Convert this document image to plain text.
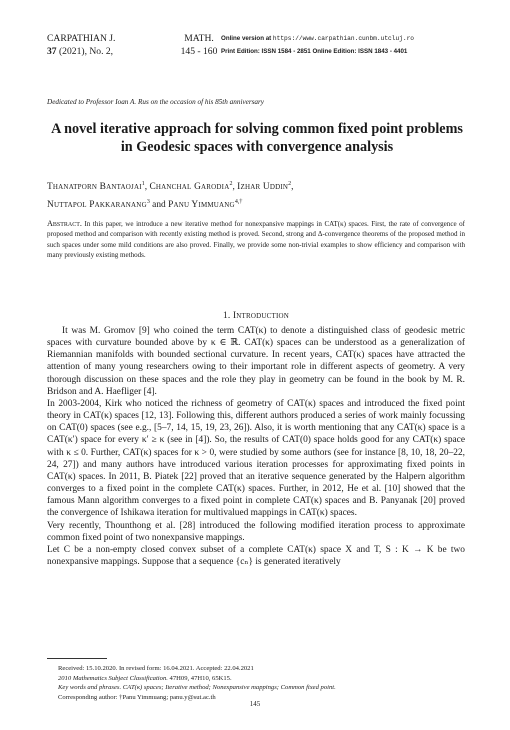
CARPATHIAN J.
37 (2021), No. 2,
MATH.
145 - 160
Online version at https://www.carpathian.cunbm.utcluj.ro
Print Edition: ISSN 1584 - 2851 Online Edition: ISSN 1843 - 4401
Dedicated to Professor Ioan A. Rus on the occasion of his 85th anniversary
A novel iterative approach for solving common fixed point problems in Geodesic spaces with convergence analysis
Thanatporn Bantaojai$^1$, Chanchal Garodia$^2$, Izhar Uddin$^2$,
Nuttapol Pakkaranang$^3$ and Panu Yimmuang$^{4,\dagger}$
Abstract. In this paper, we introduce a new iterative method for nonexpansive mappings in CAT(κ) spaces. First, the rate of convergence of proposed method and comparison with recently existing method is proved. Second, strong and Δ-convergence theorems of the proposed method in such spaces under some mild conditions are also proved. Finally, we provide some non-trivial examples to show efficiency and comparison with many previously existing methods.
1. Introduction

It was M. Gromov [9] who coined the term CAT(κ) to denote a distinguished class of geodesic metric spaces with curvature bounded above by κ ∈ ℝ. CAT(κ) spaces can be understood as a generalization of Riemannian manifolds with bounded sectional curvature. In recent years, CAT(κ) spaces have attracted the attention of many young researchers owing to their important role in different aspects of geometry. A very thorough discussion on these spaces and the role they play in geometry can be found in the book by M. R. Bridson and A. Haefliger [4].

In 2003-2004, Kirk who noticed the richness of geometry of CAT(κ) spaces and introduced the fixed point theory in CAT(κ) spaces [12, 13]. Following this, different authors produced a series of work mainly focussing on CAT(0) spaces (see e.g., [5–7, 14, 15, 19, 23, 26]). Also, it is worth mentioning that any CAT(κ) space is a CAT(κ′) space for every κ′ ≥ κ (see in [4]). So, the results of CAT(0) space holds good for any CAT(κ) space with κ ≤ 0. Further, CAT(κ) spaces for κ > 0, were studied by some authors (see for instance [8, 10, 18, 20–22, 24, 27]) and many authors have introduced various iteration processes for approximating fixed points in CAT(κ) spaces. In 2011, B. Piatek [22] proved that an iterative sequence generated by the Halpern algorithm converges to a fixed point in the complete CAT(κ) spaces. Further, in 2012, He et al. [10] showed that the famous Mann algorithm converges to a fixed point in complete CAT(κ) spaces and B. Panyanak [20] proved the convergence of Ishikawa iteration for multivalued mappings in CAT(κ) spaces.

Very recently, Thounthong et al. [28] introduced the following modified iteration process to approximate common fixed point of two nonexpansive mappings.

Let C be a non-empty closed convex subset of a complete CAT(κ) space X and T, S : K → K be two nonexpansive mappings. Suppose that a sequence {cₙ} is generated iteratively

Received: 15.10.2020. In revised form: 16.04.2021. Accepted: 22.04.2021
2010 Mathematics Subject Classification. 47H09, 47H10, 65K15.
Key words and phrases. CAT(κ) spaces; Iterative method; Nonexpansive mappings; Common fixed point.
Corresponding author: †Panu Yimmuang; panu.y@sut.ac.th
145
